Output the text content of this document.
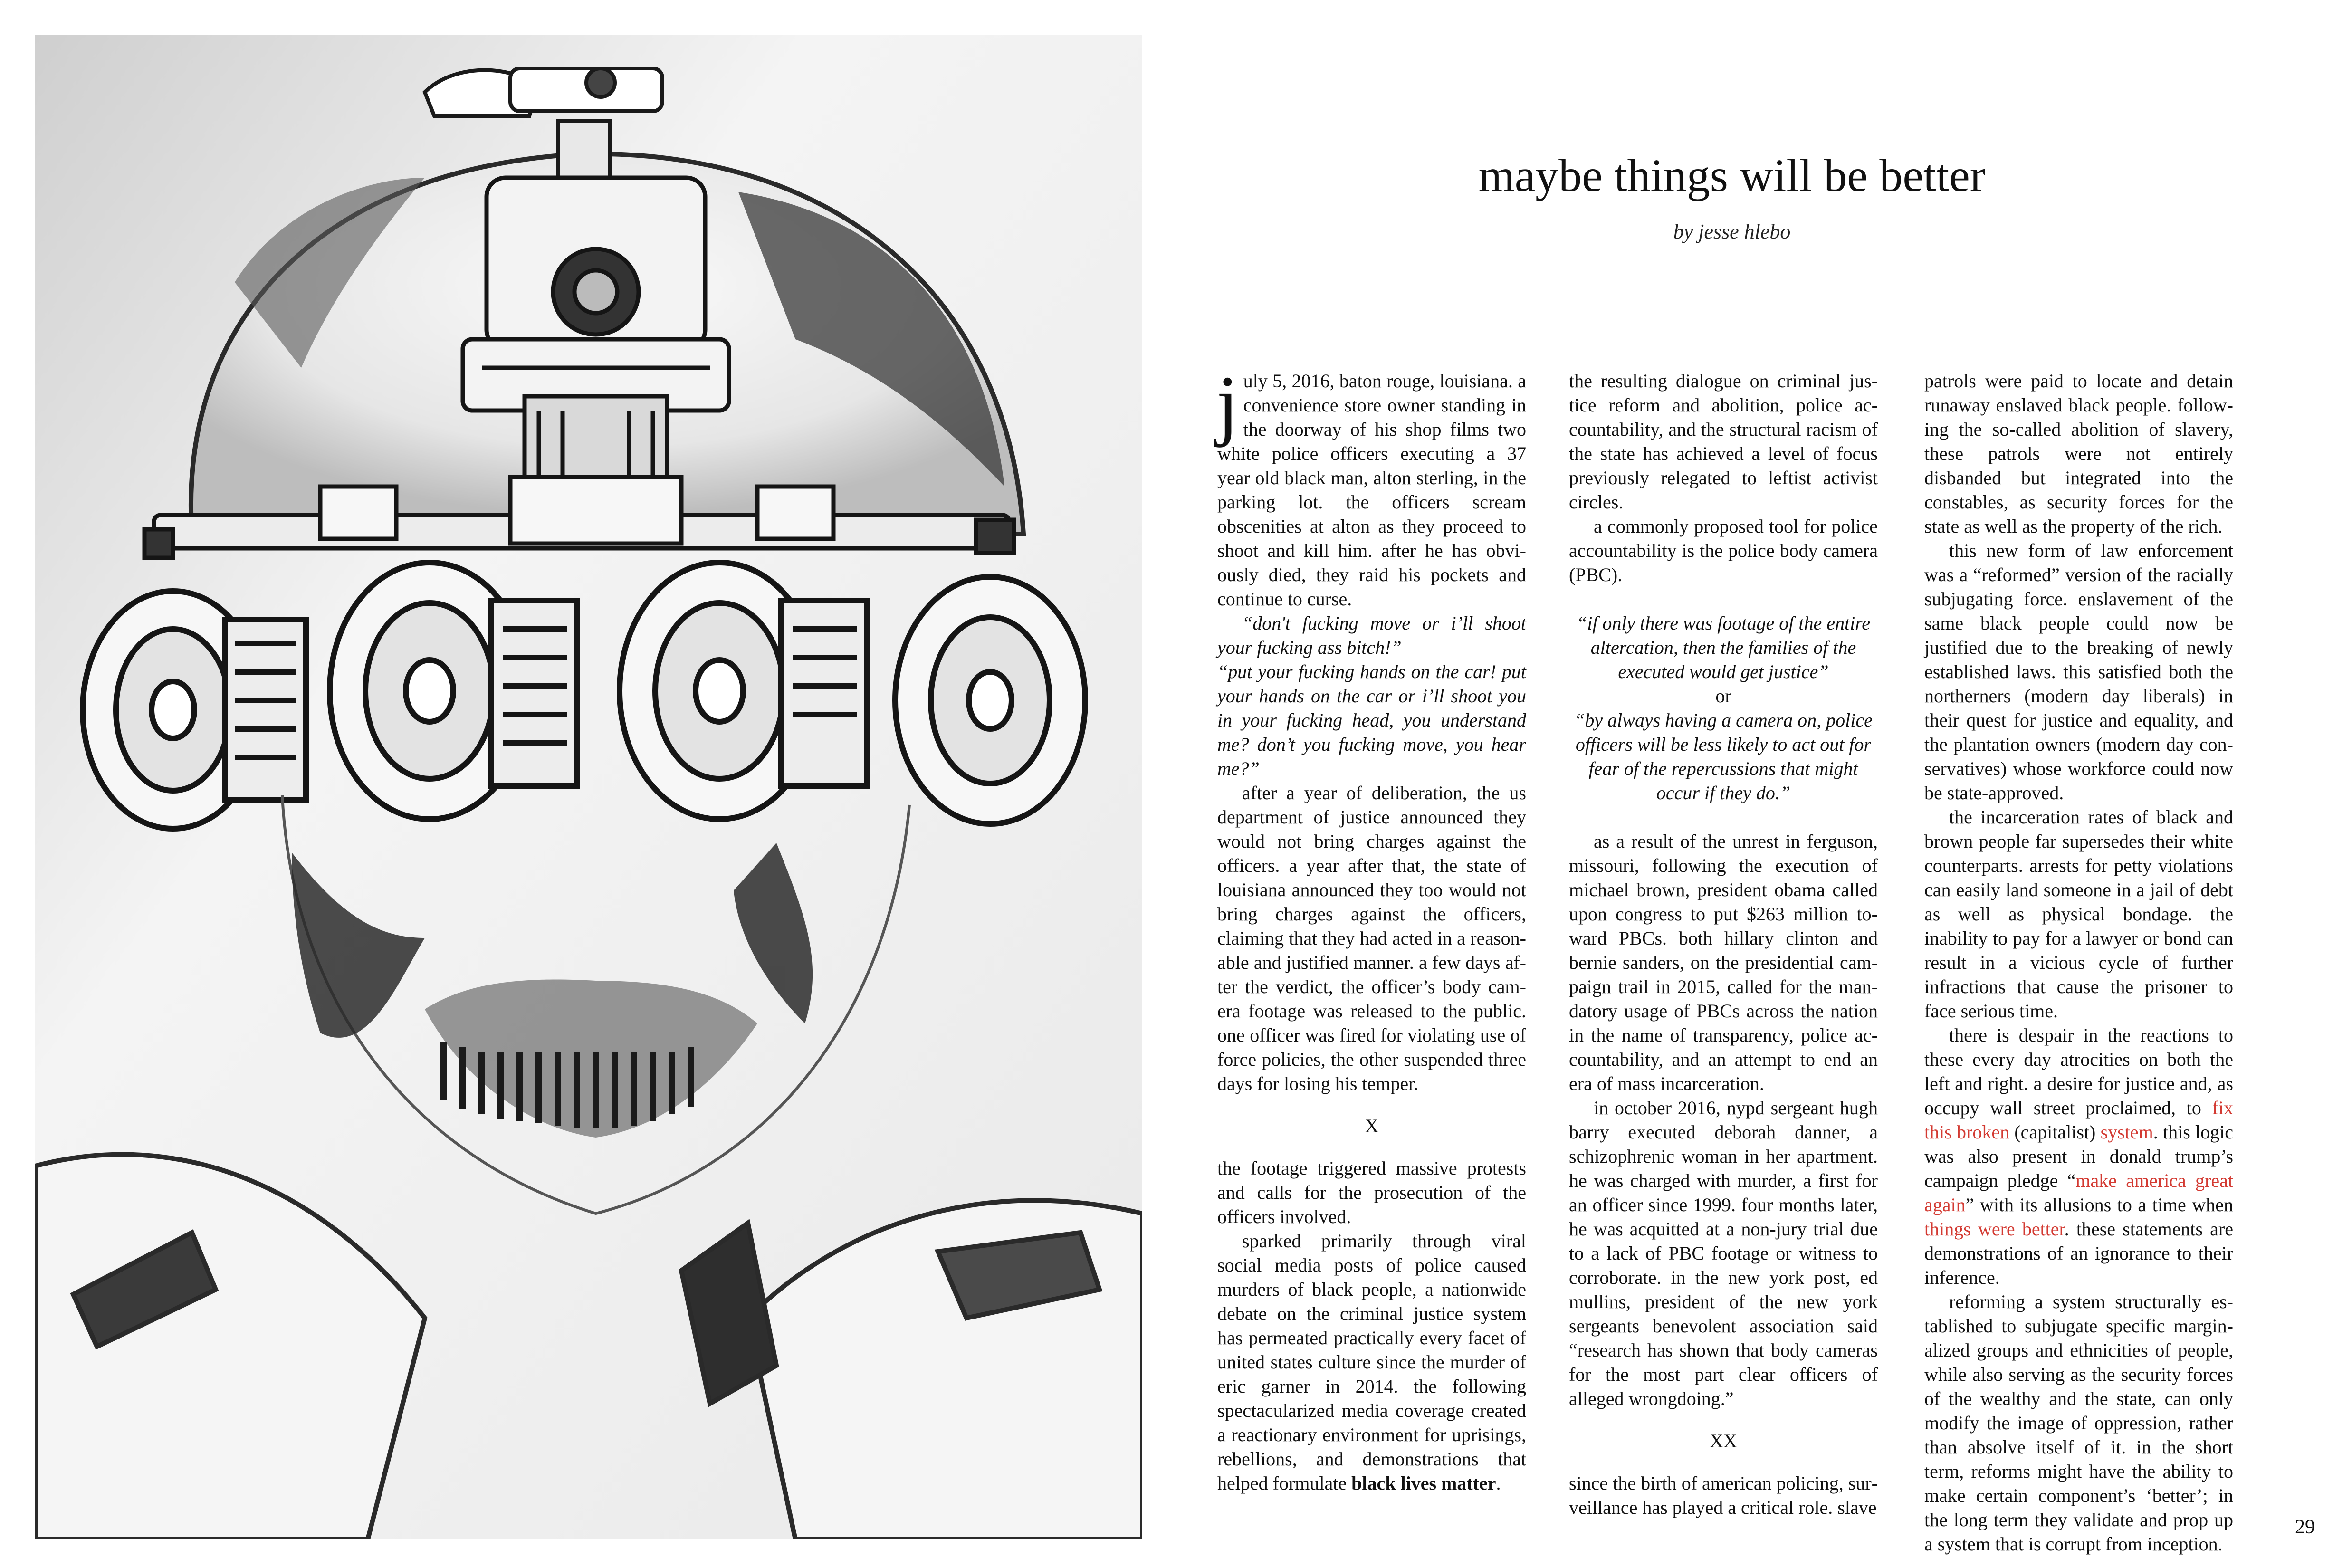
maybe things will be better
by jesse hlebo

july 5, 2016, baton rouge, louisiana. a convenience store owner standing in the doorway of his shop films two white police officers executing a 37 year old black man, alton sterling, in the parking lot. the officers scream obscenities at alton as they proceed to shoot and kill him. after he has obviously died, they raid his pockets and continue to curse.

“don't fucking move or i’ll shoot your fucking ass bitch!”

“put your fucking hands on the car! put your hands on the car or i’ll shoot you in your fucking head, you understand me? don’t you fucking move, you hear me?”

after a year of deliberation, the us department of justice announced they would not bring charges against the officers. a year after that, the state of louisiana announced they too would not bring charges against the officers, claiming that they had acted in a reasonable and justified manner. a few days after the verdict, the officer’s body camera footage was released to the public. one officer was fired for violating use of force policies, the other suspended three days for losing his temper.

X

the footage triggered massive protests and calls for the prosecution of the officers involved.

sparked primarily through viral social media posts of police caused murders of black people, a nationwide debate on the criminal justice system has permeated practically every facet of united states culture since the murder of eric garner in 2014. the following spectacularized media coverage created a reactionary environment for uprisings, rebellions, and demonstrations that helped formulate black lives matter.

the resulting dialogue on criminal justice reform and abolition, police accountability, and the structural racism of the state has achieved a level of focus previously relegated to leftist activist circles.

a commonly proposed tool for police accountability is the police body camera (PBC).

“if only there was footage of the entire altercation, then the families of the executed would get justice”

or

“by always having a camera on, police officers will be less likely to act out for fear of the repercussions that might occur if they do.”

as a result of the unrest in ferguson, missouri, following the execution of michael brown, president obama called upon congress to put $263 million toward PBCs. both hillary clinton and bernie sanders, on the presidential campaign trail in 2015, called for the mandatory usage of PBCs across the nation in the name of transparency, police accountability, and an attempt to end an era of mass incarceration.

in october 2016, nypd sergeant hugh barry executed deborah danner, a schizophrenic woman in her apartment. he was charged with murder, a first for an officer since 1999. four months later, he was acquitted at a non-jury trial due to a lack of PBC footage or witness to corroborate. in the new york post, ed mullins, president of the new york sergeants benevolent association said “research has shown that body cameras for the most part clear officers of alleged wrongdoing.”

XX

since the birth of american policing, surveillance has played a critical role. slave

patrols were paid to locate and detain runaway enslaved black people. following the so-called abolition of slavery, these patrols were not entirely disbanded but integrated into the constables, as security forces for the state as well as the property of the rich.

this new form of law enforcement was a “reformed” version of the racially subjugating force. enslavement of the same black people could now be justified due to the breaking of newly established laws. this satisfied both the northerners (modern day liberals) in their quest for justice and equality, and the plantation owners (modern day conservatives) whose workforce could now be state-approved.

the incarceration rates of black and brown people far supersedes their white counterparts. arrests for petty violations can easily land someone in a jail of debt as well as physical bondage. the inability to pay for a lawyer or bond can result in a vicious cycle of further infractions that cause the prisoner to face serious time.

there is despair in the reactions to these every day atrocities on both the left and right. a desire for justice and, as occupy wall street proclaimed, to fix this broken (capitalist) system. this logic was also present in donald trump’s campaign pledge “make america great again” with its allusions to a time when things were better. these statements are demonstrations of an ignorance to their inference.

reforming a system structurally established to subjugate specific marginalized groups and ethnicities of people, while also serving as the security forces of the wealthy and the state, can only modify the image of oppression, rather than absolve itself of it. in the short term, reforms might have the ability to make certain component’s ‘better’; in the long term they validate and prop up a system that is corrupt from inception.

29
